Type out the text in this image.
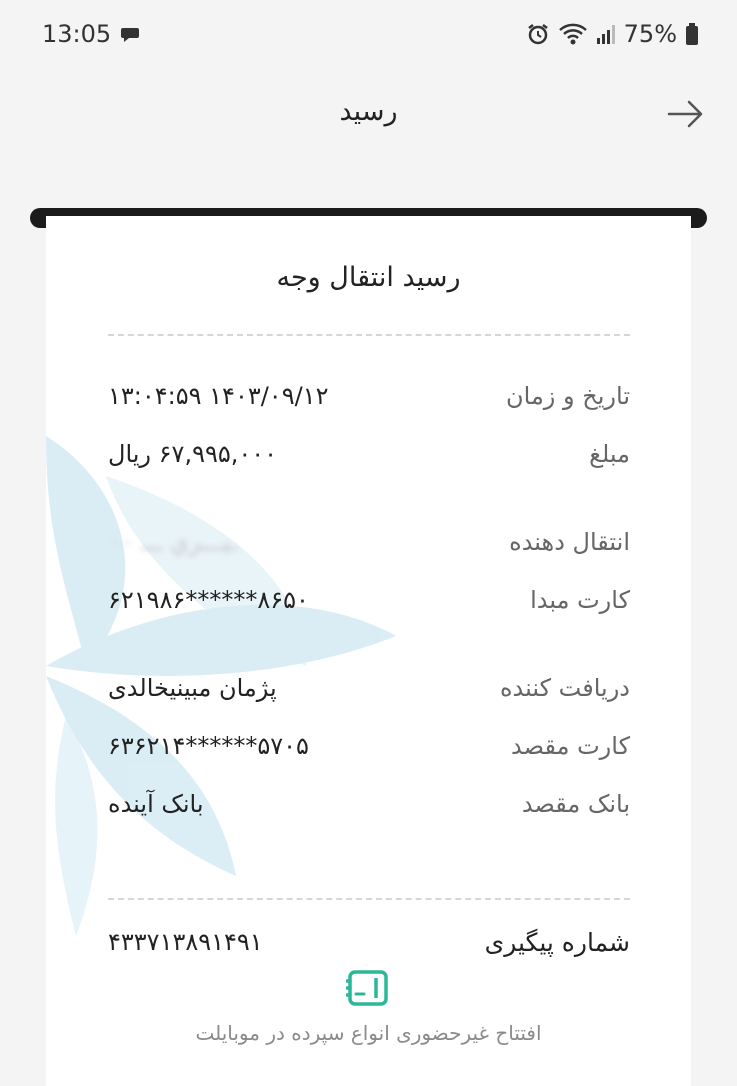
13:05	75%
رسید
رسید انتقال وجه
تاریخ و زمان
۱۴۰۳/۰۹/۱۲ ۱۳:۰۴:۵۹
مبلغ
۶۷,۹۹۵,۰۰۰ ریال
انتقال دهنده
ـيـــري ـــ ۰۰
کارت مبدا
۶۲۱۹۸۶******۸۶۵۰
دریافت کننده
پژمان مبینیخالدی
کارت مقصد
۶۳۶۲۱۴******۵۷۰۵
بانک مقصد
بانک آینده
شماره پیگیری
۴۳۳۷۱۳۸۹۱۴۹۱
افتتاح غیرحضوری انواع سپرده در موبایلت
